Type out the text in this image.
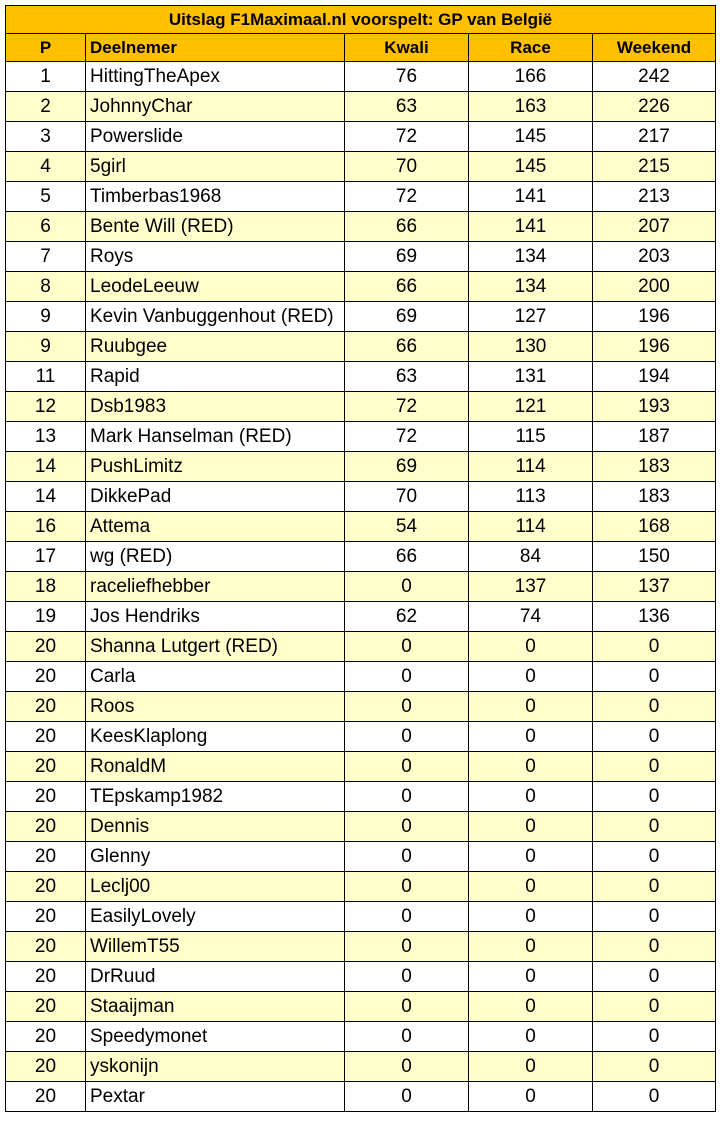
Uitslag F1Maximaal.nl voorspelt: GP van België				
P	Deelnemer	Kwali	Race	Weekend
1	HittingTheApex	76	166	242
2	JohnnyChar	63	163	226
3	Powerslide	72	145	217
4	5girl	70	145	215
5	Timberbas1968	72	141	213
6	Bente Will (RED)	66	141	207
7	Roys	69	134	203
8	LeodeLeeuw	66	134	200
9	Kevin Vanbuggenhout (RED)	69	127	196
9	Ruubgee	66	130	196
11	Rapid	63	131	194
12	Dsb1983	72	121	193
13	Mark Hanselman (RED)	72	115	187
14	PushLimitz	69	114	183
14	DikkePad	70	113	183
16	Attema	54	114	168
17	wg (RED)	66	84	150
18	raceliefhebber	0	137	137
19	Jos Hendriks	62	74	136
20	Shanna Lutgert (RED)	0	0	0
20	Carla	0	0	0
20	Roos	0	0	0
20	KeesKlaplong	0	0	0
20	RonaldM	0	0	0
20	TEpskamp1982	0	0	0
20	Dennis	0	0	0
20	Glenny	0	0	0
20	Leclj00	0	0	0
20	EasilyLovely	0	0	0
20	WillemT55	0	0	0
20	DrRuud	0	0	0
20	Staaijman	0	0	0
20	Speedymonet	0	0	0
20	yskonijn	0	0	0
20	Pextar	0	0	0
